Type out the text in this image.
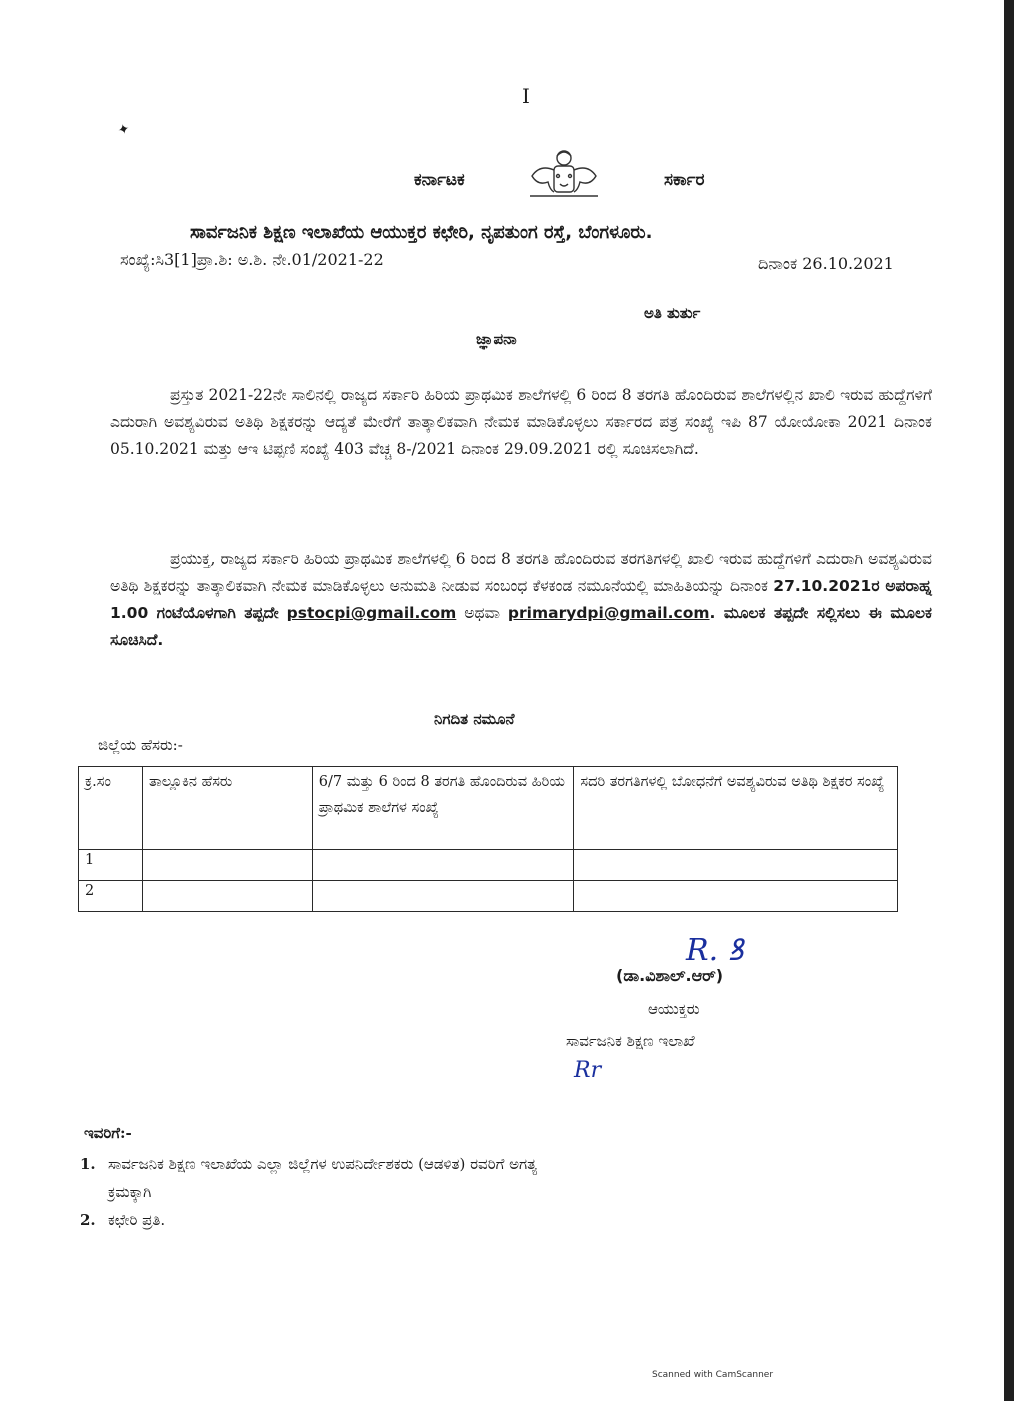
I
✦
ಕರ್ನಾಟಕ	ಸರ್ಕಾರ
ಸಾರ್ವಜನಿಕ ಶಿಕ್ಷಣ ಇಲಾಖೆಯ ಆಯುಕ್ತರ ಕಛೇರಿ, ನೃಪತುಂಗ ರಸ್ತೆ, ಬೆಂಗಳೂರು.
ಸಂಖ್ಯೆ:ಸಿ3[1]ಪ್ರಾ.ಶಿ: ಅ.ಶಿ. ನೇ.01/2021-22	ದಿನಾಂಕ 26.10.2021
ಅತಿ ತುರ್ತು
ಜ್ಞಾಪನಾ
ಪ್ರಸ್ತುತ 2021-22ನೇ ಸಾಲಿನಲ್ಲಿ ರಾಜ್ಯದ ಸರ್ಕಾರಿ ಹಿರಿಯ ಪ್ರಾಥಮಿಕ ಶಾಲೆಗಳಲ್ಲಿ 6 ರಿಂದ 8 ತರಗತಿ ಹೊಂದಿರುವ ಶಾಲೆಗಳಲ್ಲಿನ ಖಾಲಿ ಇರುವ ಹುದ್ದೆಗಳಿಗೆ ಎದುರಾಗಿ ಅವಶ್ಯವಿರುವ ಅತಿಥಿ ಶಿಕ್ಷಕರನ್ನು ಆದ್ಯತೆ ಮೇರೆಗೆ ತಾತ್ಕಾಲಿಕವಾಗಿ ನೇಮಕ ಮಾಡಿಕೊಳ್ಳಲು ಸರ್ಕಾರದ ಪತ್ರ ಸಂಖ್ಯೆ ಇಪಿ 87 ಯೋಯೋಕಾ 2021 ದಿನಾಂಕ 05.10.2021 ಮತ್ತು ಆಇ ಟಿಪ್ಪಣಿ ಸಂಖ್ಯೆ 403 ವೆಚ್ಚ 8-/2021 ದಿನಾಂಕ 29.09.2021 ರಲ್ಲಿ ಸೂಚಿಸಲಾಗಿದೆ.
ಪ್ರಯುಕ್ತ, ರಾಜ್ಯದ ಸರ್ಕಾರಿ ಹಿರಿಯ ಪ್ರಾಥಮಿಕ ಶಾಲೆಗಳಲ್ಲಿ 6 ರಿಂದ 8 ತರಗತಿ ಹೊಂದಿರುವ ತರಗತಿಗಳಲ್ಲಿ ಖಾಲಿ ಇರುವ ಹುದ್ದೆಗಳಿಗೆ ಎದುರಾಗಿ ಅವಶ್ಯವಿರುವ ಅತಿಥಿ ಶಿಕ್ಷಕರನ್ನು ತಾತ್ಕಾಲಿಕವಾಗಿ ನೇಮಕ ಮಾಡಿಕೊಳ್ಳಲು ಅನುಮತಿ ನೀಡುವ ಸಂಬಂಧ ಕೆಳಕಂಡ ನಮೂನೆಯಲ್ಲಿ ಮಾಹಿತಿಯನ್ನು ದಿನಾಂಕ 27.10.2021ರ ಅಪರಾಹ್ನ 1.00 ಗಂಟೆಯೊಳಗಾಗಿ ತಪ್ಪದೇ pstocpi@gmail.com ಅಥವಾ primarydpi@gmail.com. ಮೂಲಕ ತಪ್ಪದೇ ಸಲ್ಲಿಸಲು ಈ ಮೂಲಕ ಸೂಚಿಸಿದೆ.
ನಿಗದಿತ ನಮೂನೆ
ಜಿಲ್ಲೆಯ ಹೆಸರು:-
ಕ್ರ.ಸಂ	ತಾಲ್ಲೂಕಿನ ಹೆಸರು	6/7 ಮತ್ತು 6 ರಿಂದ 8 ತರಗತಿ ಹೊಂದಿರುವ ಹಿರಿಯ ಪ್ರಾಥಮಿಕ ಶಾಲೆಗಳ ಸಂಖ್ಯೆ	ಸದರಿ ತರಗತಿಗಳಲ್ಲಿ ಬೋಧನೆಗೆ ಅವಶ್ಯವಿರುವ ಅತಿಥಿ ಶಿಕ್ಷಕರ ಸಂಖ್ಯೆ
1			
2			
R. ꝸ
(ಡಾ.ವಿಶಾಲ್.ಆರ್)
ಆಯುಕ್ತರು
ಸಾರ್ವಜನಿಕ ಶಿಕ್ಷಣ ಇಲಾಖೆ
Rr
ಇವರಿಗೆ:-
1. ಸಾರ್ವಜನಿಕ ಶಿಕ್ಷಣ ಇಲಾಖೆಯ ಎಲ್ಲಾ ಜಿಲ್ಲೆಗಳ ಉಪನಿರ್ದೇಶಕರು (ಆಡಳಿತ) ರವರಿಗೆ ಅಗತ್ಯ
ಕ್ರಮಕ್ಕಾಗಿ
2. ಕಛೇರಿ ಪ್ರತಿ.
Scanned with CamScanner
